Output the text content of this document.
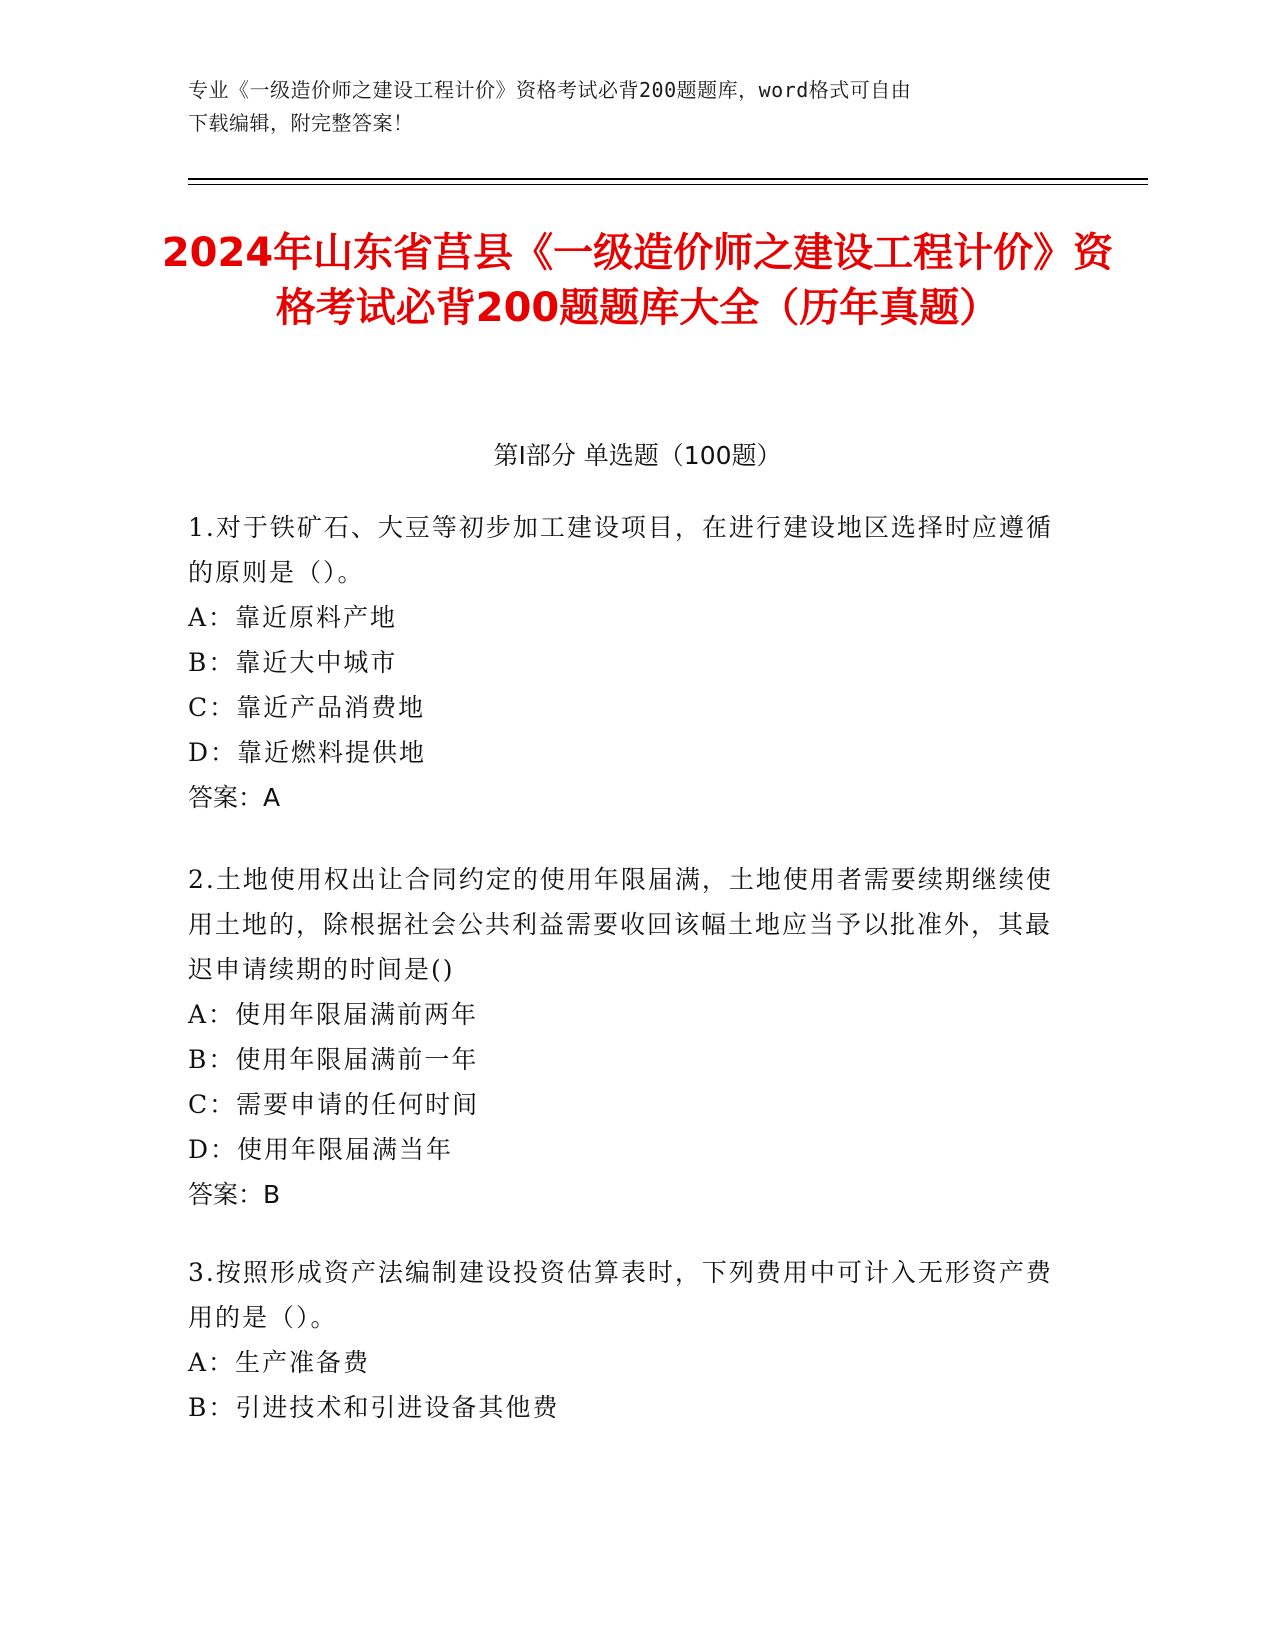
专业《一级造价师之建设工程计价》资格考试必背200题题库，word格式可自由
下载编辑，附完整答案！
2024年山东省莒县《一级造价师之建设工程计价》资格考试必背200题题库大全（历年真题）
第Ⅰ部分 单选题（100题）

1.对于铁矿石、大豆等初步加工建设项目，在进行建设地区选择时应遵循的原则是（）。

A：靠近原料产地

B：靠近大中城市

C：靠近产品消费地

D：靠近燃料提供地

答案：A

2.土地使用权出让合同约定的使用年限届满，土地使用者需要续期继续使用土地的，除根据社会公共利益需要收回该幅土地应当予以批准外，其最迟申请续期的时间是()

A：使用年限届满前两年

B：使用年限届满前一年

C：需要申请的任何时间

D：使用年限届满当年

答案：B

3.按照形成资产法编制建设投资估算表时，下列费用中可计入无形资产费用的是（）。

A：生产准备费

B：引进技术和引进设备其他费
